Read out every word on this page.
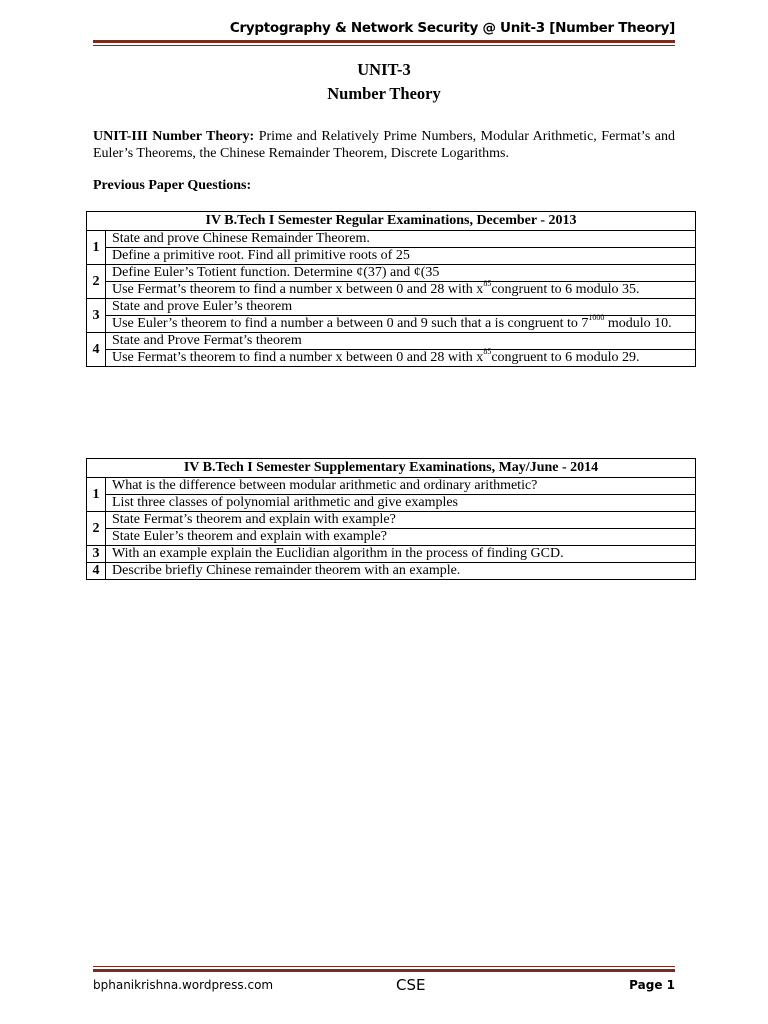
Cryptography & Network Security @ Unit-3 [Number Theory]
UNIT-3
Number Theory
UNIT-III Number Theory: Prime and Relatively Prime Numbers, Modular Arithmetic, Fermat’s and Euler’s Theorems, the Chinese Remainder Theorem, Discrete Logarithms.
Previous Paper Questions:
IV B.Tech I Semester Regular Examinations, December - 2013	
1	State and prove Chinese Remainder Theorem.
	Define a primitive root. Find all primitive roots of 25
2	Define Euler’s Totient function. Determine ¢(37) and ¢(35
	Use Fermat’s theorem to find a number x between 0 and 28 with $x^{85}congruent$ to 6 modulo 35.
3	State and prove Euler’s theorem
	Use Euler’s theorem to find a number a between 0 and 9 such that a is congruent to $7^{1000}$ modulo 10.
4	State and Prove Fermat’s theorem
	Use Fermat’s theorem to find a number x between 0 and 28 with $x^{85}congruent$ to 6 modulo 29.
IV B.Tech I Semester Supplementary Examinations, May/June - 2014	
1	What is the difference between modular arithmetic and ordinary arithmetic?
	List three classes of polynomial arithmetic and give examples
2	State Fermat’s theorem and explain with example?
	State Euler’s theorem and explain with example?
3	With an example explain the Euclidian algorithm in the process of finding GCD.
4	Describe briefly Chinese remainder theorem with an example.
bphanikrishna.wordpress.com	CSE	Page 1
